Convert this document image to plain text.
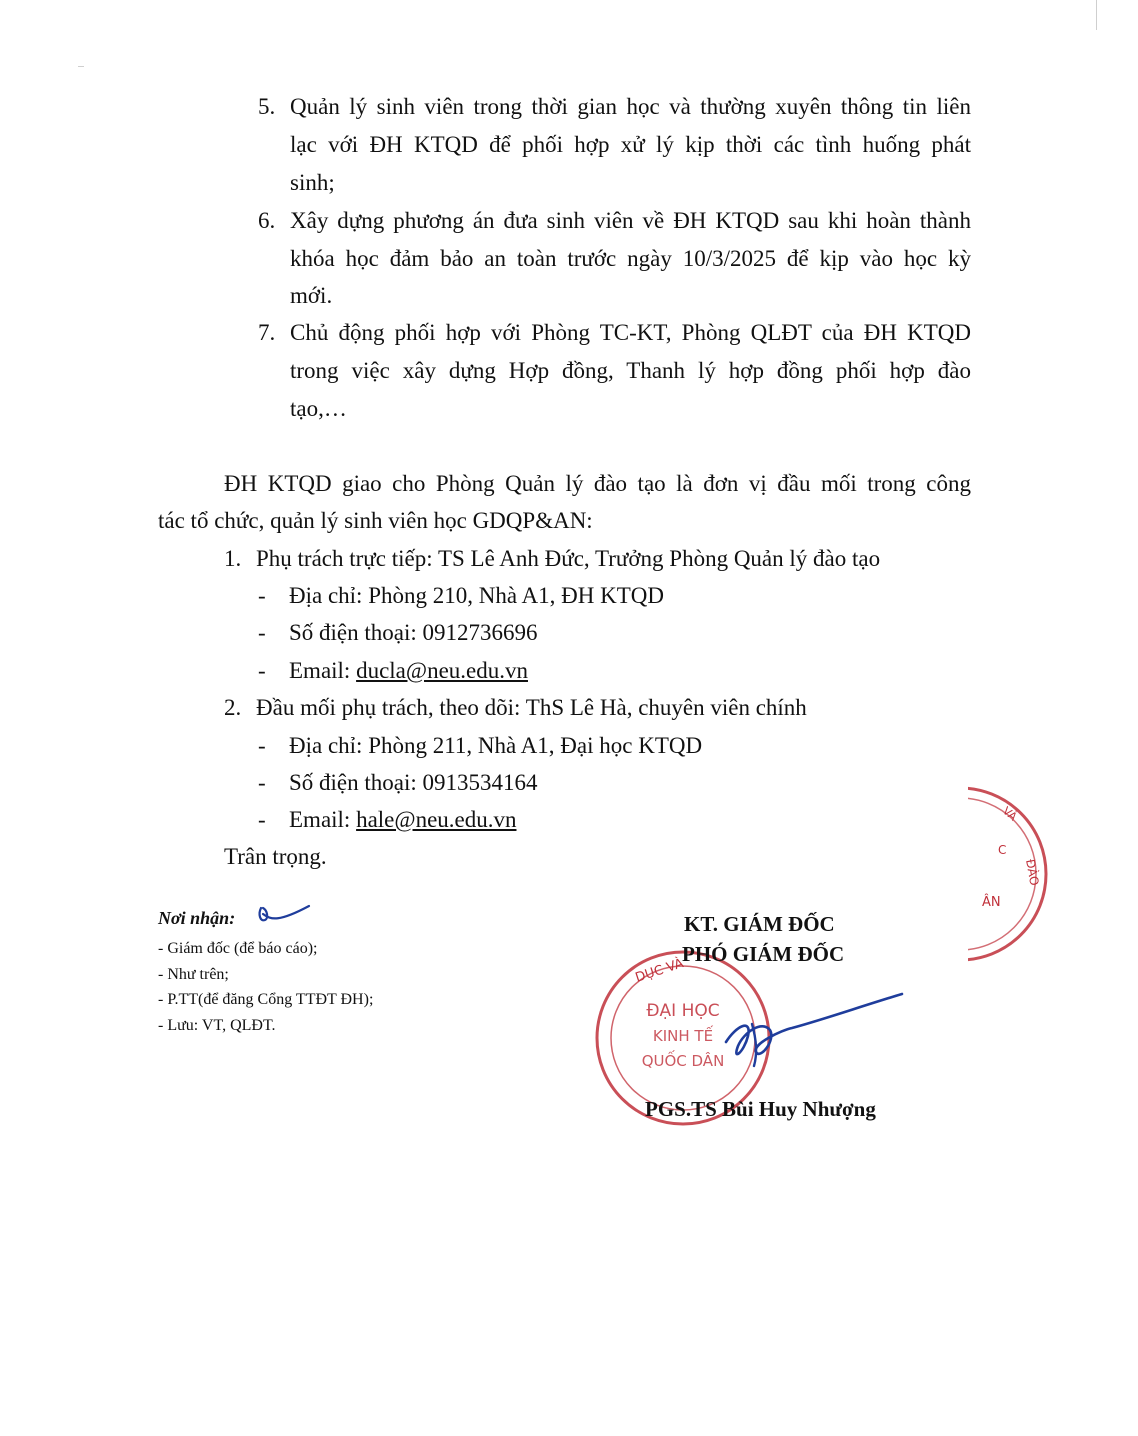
5. Quản lý sinh viên trong thời gian học và thường xuyên thông tin liên
lạc với ĐH KTQD để phối hợp xử lý kịp thời các tình huống phát
sinh;
6. Xây dựng phương án đưa sinh viên về ĐH KTQD sau khi hoàn thành
khóa học đảm bảo an toàn trước ngày 10/3/2025 để kịp vào học kỳ
mới.
7. Chủ động phối hợp với Phòng TC-KT, Phòng QLĐT của ĐH KTQD
trong việc xây dựng Hợp đồng, Thanh lý hợp đồng phối hợp đào
tạo,…
ĐH KTQD giao cho Phòng Quản lý đào tạo là đơn vị đầu mối trong công
tác tổ chức, quản lý sinh viên học GDQP&AN:
1. Phụ trách trực tiếp: TS Lê Anh Đức, Trưởng Phòng Quản lý đào tạo
- Địa chỉ: Phòng 210, Nhà A1, ĐH KTQD
- Số điện thoại: 0912736696
- Email: ducla@neu.edu.vn
2. Đầu mối phụ trách, theo dõi: ThS Lê Hà, chuyên viên chính
- Địa chỉ: Phòng 211, Nhà A1, Đại học KTQD
- Số điện thoại: 0913534164
- Email: hale@neu.edu.vn
Trân trọng.
Nơi nhận:
- Giám đốc (để báo cáo);
- Như trên;
- P.TT(để đăng Cổng TTĐT ĐH);
- Lưu: VT, QLĐT.
VÀ
ĐÀO
ÂN
C
DỤC VÀ
ĐẠI HỌC
KINH TẾ
QUỐC DÂN
KT. GIÁM ĐỐC
PHÓ GIÁM ĐỐC
PGS.TS Bùi Huy Nhượng
